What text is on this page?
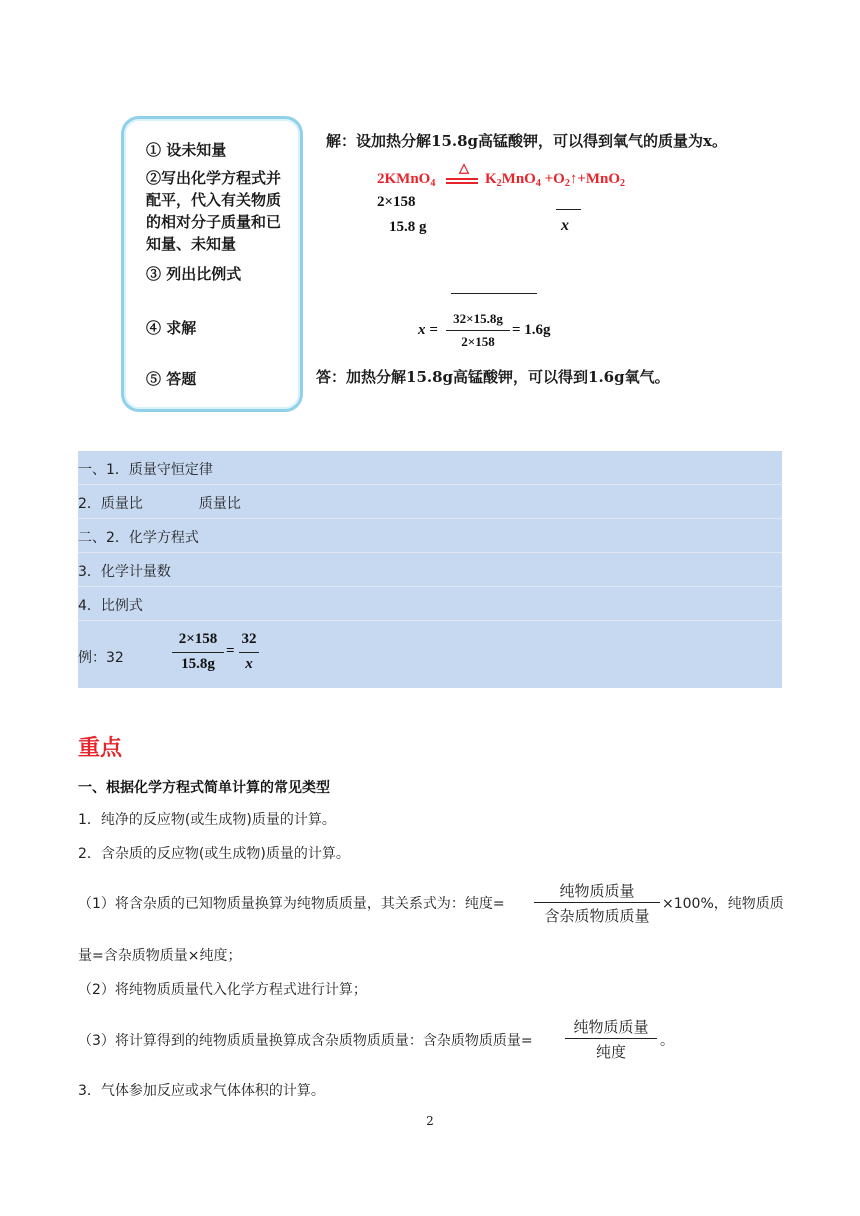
① 设未知量
②写出化学方程式并
配平，代入有关物质
的相对分子质量和已
知量、未知量
③ 列出比例式
④ 求解
⑤ 答题
解：设加热分解15.8g高锰酸钾，可以得到氧气的质量为x。
2KMnO$_4$
△
$K_2MnO_4$ $+O_2↑+MnO_2$
2×158
15.8 g	x
x =
32×15.8g
2×158
= 1.6g
答：加热分解15.8g高锰酸钾，可以得到1.6g氧气。
一、1．质量守恒定律
2．质量比　　　　质量比
二、2．化学方程式
3．化学计量数
4．比例式
例：32
2×158
15.8g
=
32
x
重点
一、根据化学方程式简单计算的常见类型
1．纯净的反应物(或生成物)质量的计算。
2．含杂质的反应物(或生成物)质量的计算。
（1）将含杂质的已知物质量换算为纯物质质量，其关系式为：纯度=
纯物质质量
含杂质物质质量
×100%，纯物质质
量=含杂质物质量×纯度；
（2）将纯物质质量代入化学方程式进行计算；
（3）将计算得到的纯物质质量换算成含杂质物质质量：含杂质物质质量=
纯物质质量
纯度
。
3．气体参加反应或求气体体积的计算。
2
